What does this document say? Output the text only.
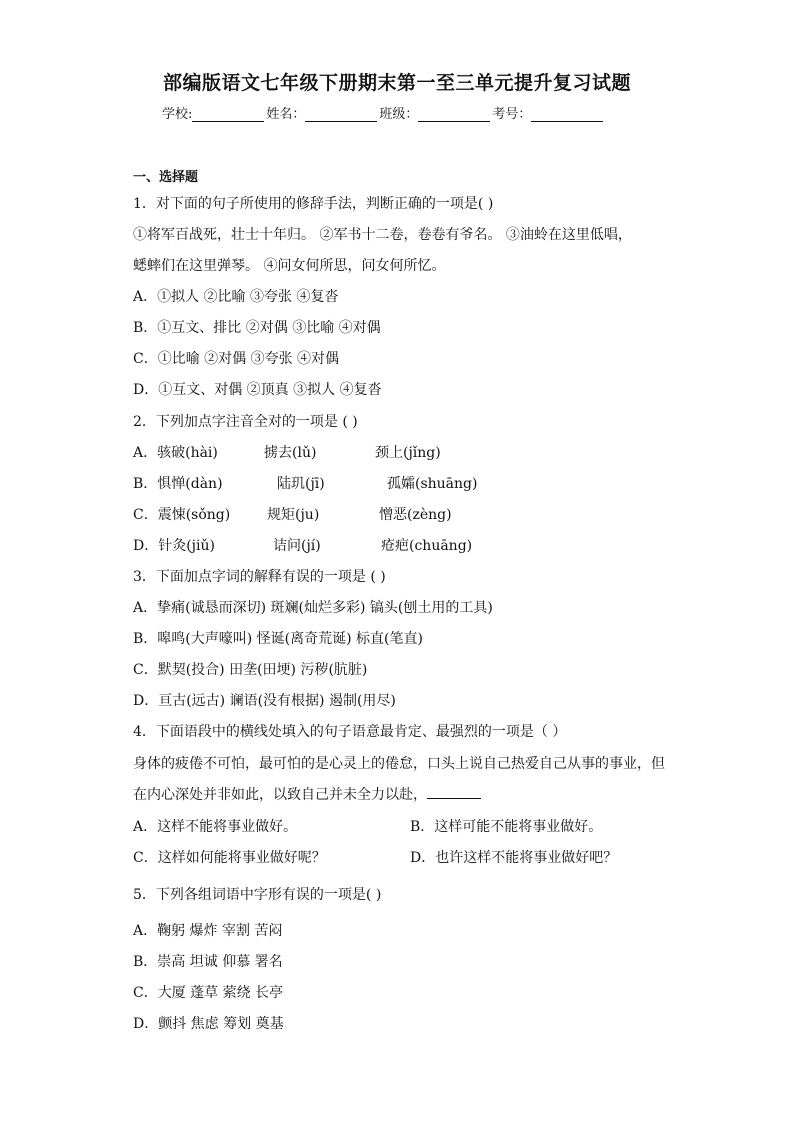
部编版语文七年级下册期末第一至三单元提升复习试题
学校:	姓名：	班级：	考号：
一、选择题
1．对下面的句子所使用的修辞手法，判断正确的一项是( )
①将军百战死，壮士十年归。 ②军书十二卷，卷卷有爷名。 ③油蛉在这里低唱，
蟋蟀们在这里弹琴。 ④问女何所思，问女何所忆。
A．①拟人 ②比喻 ③夸张 ④复沓
B．①互文、排比 ②对偶 ③比喻 ④对偶
C．①比喻 ②对偶 ③夸张 ④对偶
D．①互文、对偶 ②顶真 ③拟人 ④复沓
2．下列加点字注音全对的一项是 ( )
A．骇破(hài)	掳去(lǔ)	颈上(jǐng)
B．惧惮(dàn)	陆玑(jī)	孤孀(shuāng)
C．震悚(sǒng)	规矩(ju)	憎恶(zèng)
D．针灸(jiǔ)	诘问(jí)	疮疤(chuāng)
3．下面加点字词的解释有误的一项是 ( )
A．挚痛(诚恳而深切) 斑斓(灿烂多彩) 镐头(刨土用的工具)
B．嗥鸣(大声嚎叫) 怪诞(离奇荒诞) 标直(笔直)
C．默契(投合) 田垄(田埂) 污秽(肮脏)
D．亘古(远古) 谰语(没有根据) 遏制(用尽)
4．下面语段中的横线处填入的句子语意最肯定、最强烈的一项是（ ）
身体的疲倦不可怕，最可怕的是心灵上的倦怠，口头上说自己热爱自己从事的事业，但
在内心深处并非如此，以致自己并未全力以赴，
A．这样不能将事业做好。	B．这样可能不能将事业做好。
C．这样如何能将事业做好呢？	D．也许这样不能将事业做好吧？
5．下列各组词语中字形有误的一项是( )
A．鞠躬 爆炸 宰割 苦闷
B．崇高 坦诚 仰慕 署名
C．大厦 蓬草 萦绕 长亭
D．颤抖 焦虑 筹划 奠基
